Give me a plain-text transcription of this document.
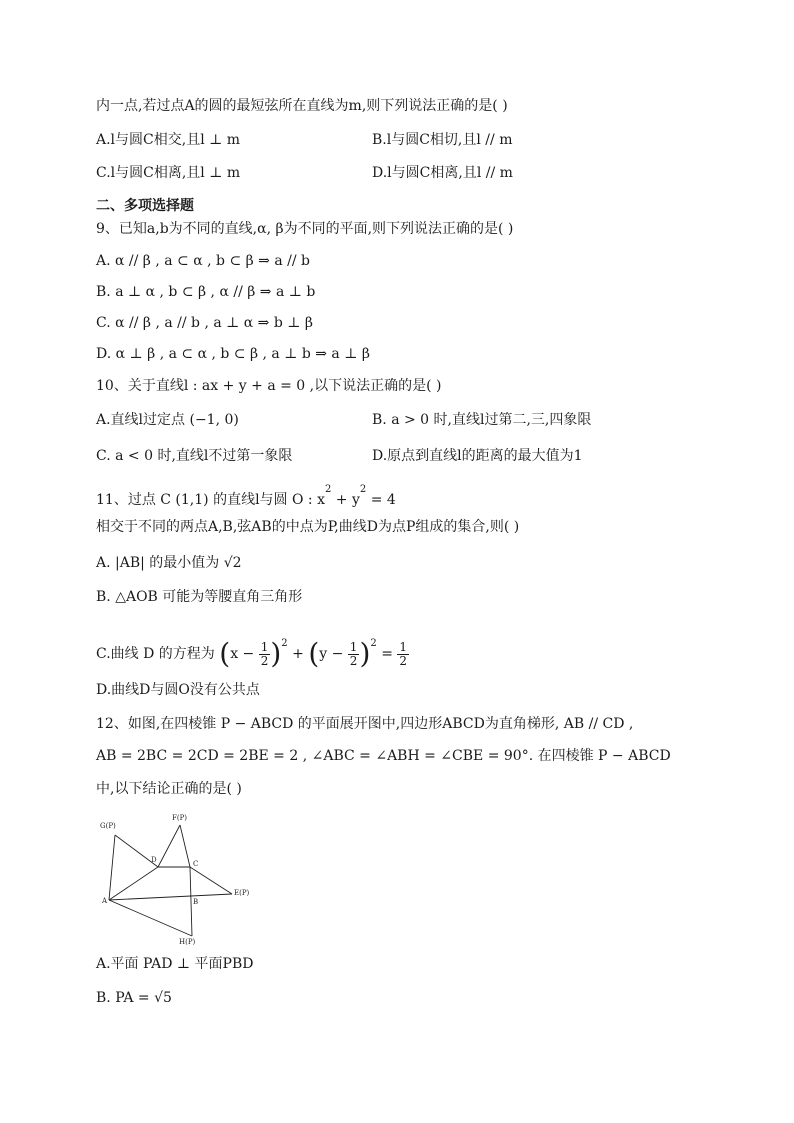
内一点,若过点A的圆的最短弦所在直线为m,则下列说法正确的是( )
A.l与圆C相交,且l ⊥ m	B.l与圆C相切,且l // m
C.l与圆C相离,且l ⊥ m	D.l与圆C相离,且l // m
二、多项选择题
9、已知a,b为不同的直线,α, β为不同的平面,则下列说法正确的是( )
A. α // β , a ⊂ α , b ⊂ β ⇒ a // b
B. a ⊥ α , b ⊂ β , α // β ⇒ a ⊥ b
C. α // β , a // b , a ⊥ α ⇒ b ⊥ β
D. α ⊥ β , a ⊂ α , b ⊂ β , a ⊥ b ⇒ a ⊥ β
10、关于直线l : ax + y + a = 0 ,以下说法正确的是( )
A.直线l过定点 (−1, 0)	B. a > 0 时,直线l过第二,三,四象限
C. a < 0 时,直线l不过第一象限	D.原点到直线l的距离的最大值为1
11、过点 C (1,1) 的直线l与圆 O : $x^2 + y^2 = 4$
相交于不同的两点A,B,弦AB的中点为P,曲线D为点P组成的集合,则( )
A. |AB| 的最小值为 √2
B. △AOB 可能为等腰直角三角形
C.曲线 D 的方程为 $(x - \frac{1}{2} )^2 + (y - \frac{1}{2} )^2 = \frac{1}{2}$
D.曲线D与圆O没有公共点
12、如图,在四棱锥 P − ABCD 的平面展开图中,四边形ABCD为直角梯形, AB // CD ,
AB = 2BC = 2CD = 2BE = 2 , ∠ABC = ∠ABH = ∠CBE = 90°. 在四棱锥 P − ABCD
中,以下结论正确的是( )
G(P)
F(P)
D	C
E(P)
A	B
H(P)
A.平面 PAD ⊥ 平面PBD
B. PA = √5
